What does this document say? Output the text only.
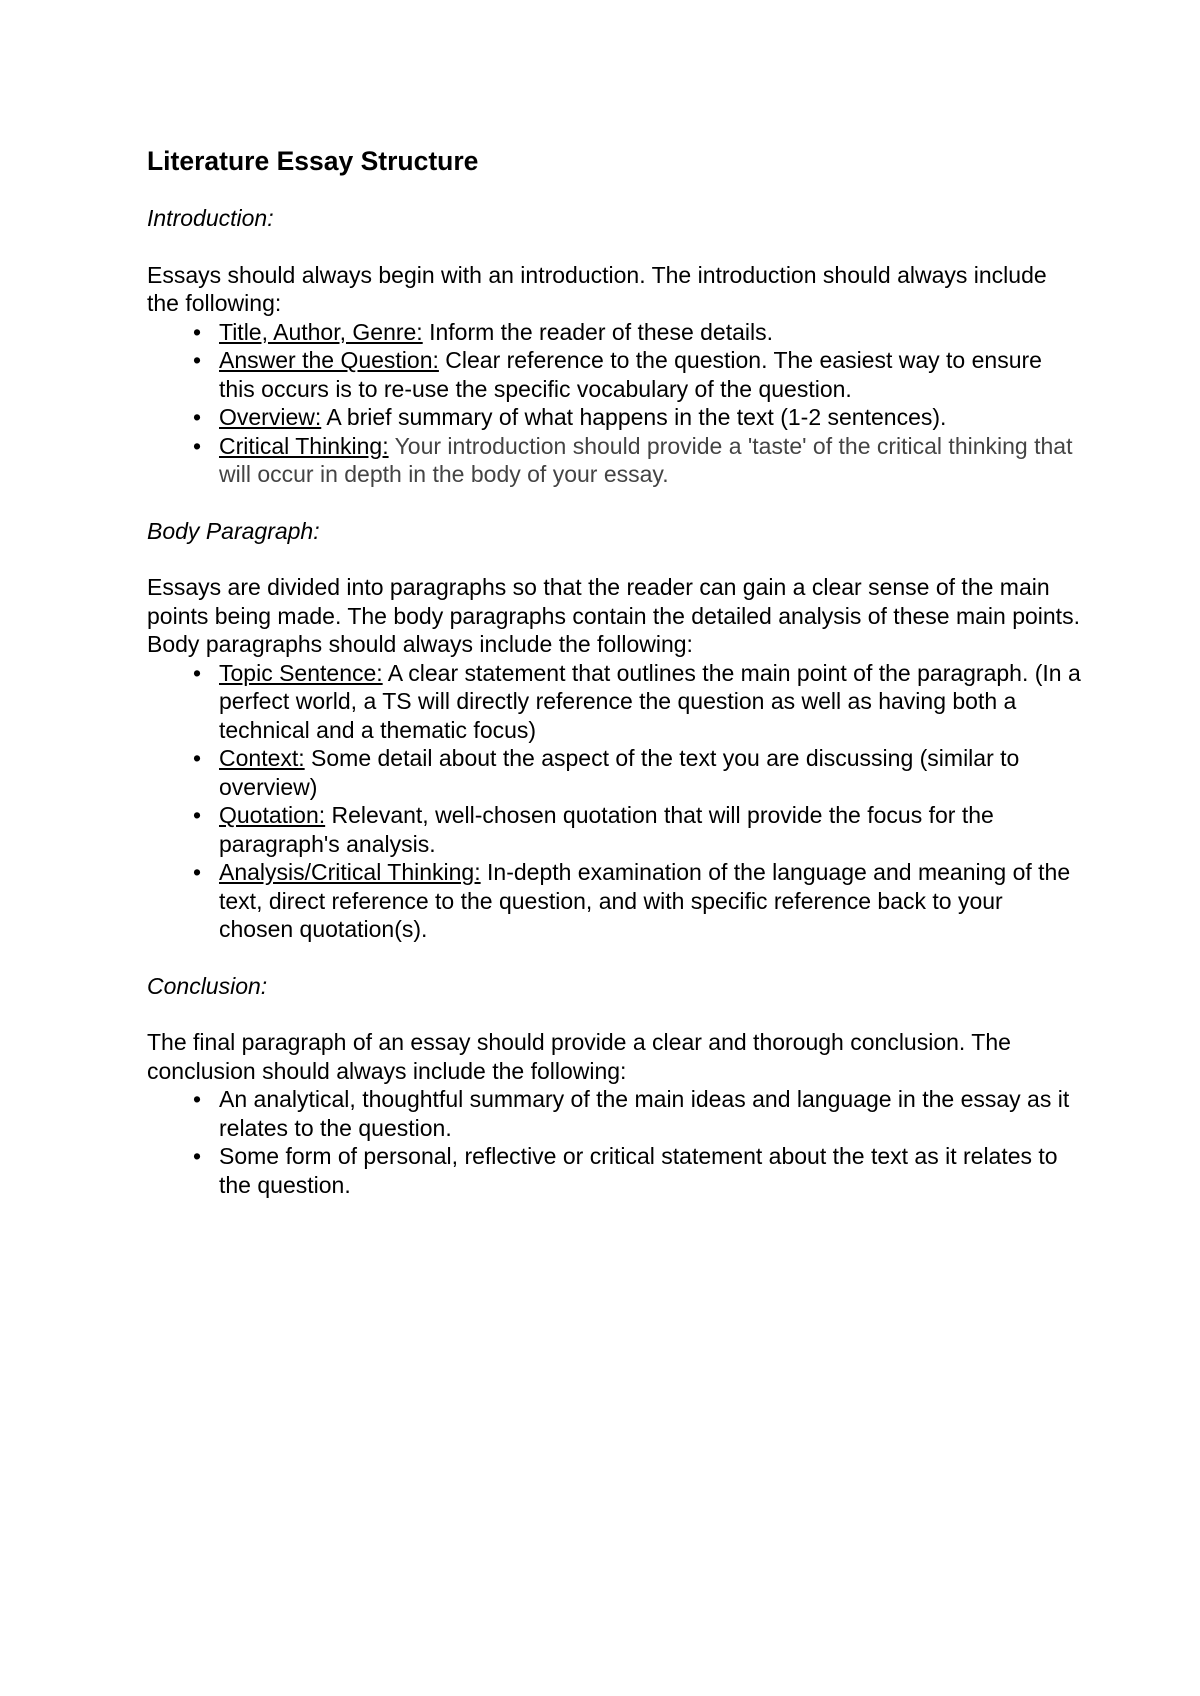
Literature Essay Structure
Introduction:

Essays should always begin with an introduction. The introduction should always include the following:

• Title, Author, Genre: Inform the reader of these details.
• Answer the Question: Clear reference to the question. The easiest way to ensure this occurs is to re-use the specific vocabulary of the question.
• Overview: A brief summary of what happens in the text (1-2 sentences).
• Critical Thinking: Your introduction should provide a 'taste' of the critical thinking that will occur in depth in the body of your essay.
Body Paragraph:

Essays are divided into paragraphs so that the reader can gain a clear sense of the main points being made. The body paragraphs contain the detailed analysis of these main points. Body paragraphs should always include the following:

• Topic Sentence: A clear statement that outlines the main point of the paragraph. (In a perfect world, a TS will directly reference the question as well as having both a technical and a thematic focus)
• Context: Some detail about the aspect of the text you are discussing (similar to overview)
• Quotation: Relevant, well-chosen quotation that will provide the focus for the paragraph's analysis.
• Analysis/Critical Thinking: In-depth examination of the language and meaning of the text, direct reference to the question, and with specific reference back to your chosen quotation(s).
Conclusion:

The final paragraph of an essay should provide a clear and thorough conclusion. The conclusion should always include the following:

• An analytical, thoughtful summary of the main ideas and language in the essay as it relates to the question.
• Some form of personal, reflective or critical statement about the text as it relates to the question.
